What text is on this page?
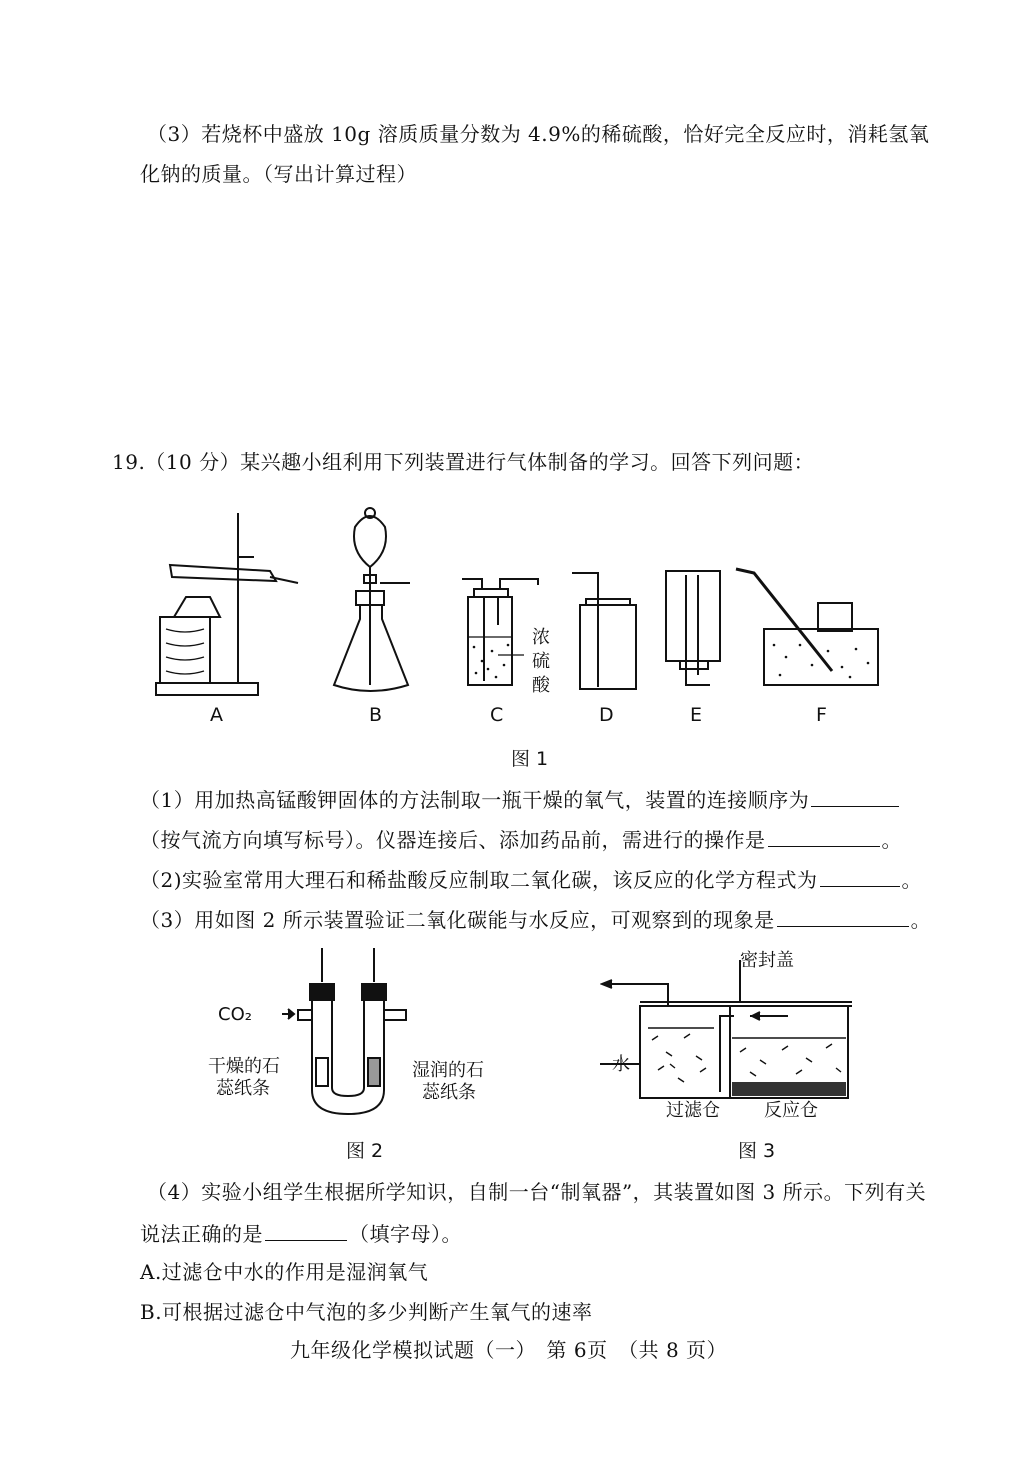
（3）若烧杯中盛放 10g 溶质质量分数为 4.9%的稀硫酸，恰好完全反应时，消耗氢氧
化钠的质量。（写出计算过程）
19.（10 分）某兴趣小组利用下列装置进行气体制备的学习。回答下列问题：
浓
硫
酸
A	B	C	D	E	F
图 1
（1）用加热高锰酸钾固体的方法制取一瓶干燥的氧气，装置的连接顺序为
（按气流方向填写标号）。仪器连接后、添加药品前，需进行的操作是	。
（2)实验室常用大理石和稀盐酸反应制取二氧化碳，该反应的化学方程式为	。
（3）用如图 2 所示装置验证二氧化碳能与水反应，可观察到的现象是	。
CO₂
干燥的石
蕊纸条
湿润的石
蕊纸条
图 2
密封盖
水
过滤仓 反应仓
图 3
（4）实验小组学生根据所学知识，自制一台“制氧器”，其装置如图 3 所示。下列有关
说法正确的是	（填字母）。
A.过滤仓中水的作用是湿润氧气
B.可根据过滤仓中气泡的多少判断产生氧气的速率
九年级化学模拟试题（一）　第 6页　（共 8 页）
